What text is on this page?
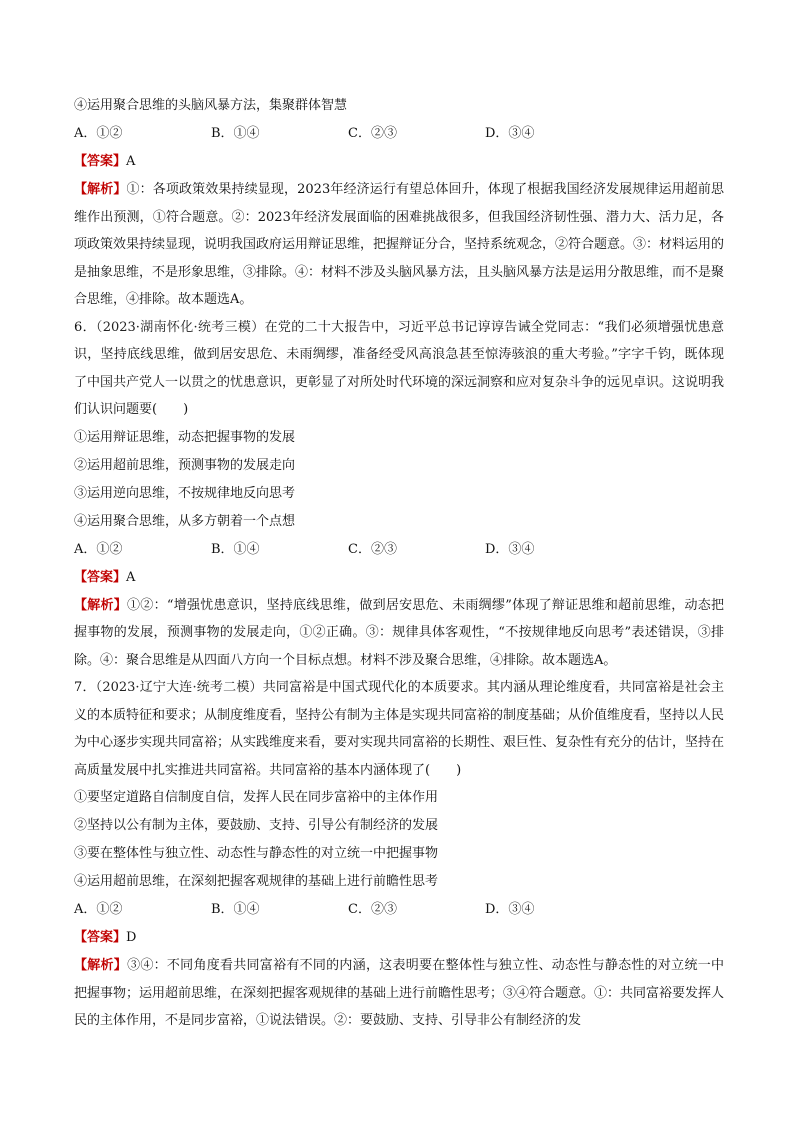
④运用聚合思维的头脑风暴方法，集聚群体智慧
A．①②	B．①④	C．②③	D．③④
【答案】A
【解析】①：各项政策效果持续显现，2023年经济运行有望总体回升，体现了根据我国经济发展规律运用超前思维作出预测，①符合题意。②：2023年经济发展面临的困难挑战很多，但我国经济韧性强、潜力大、活力足，各项政策效果持续显现，说明我国政府运用辩证思维，把握辩证分合，坚持系统观念，②符合题意。③：材料运用的是抽象思维，不是形象思维，③排除。④：材料不涉及头脑风暴方法，且头脑风暴方法是运用分散思维，而不是聚合思维，④排除。故本题选A。
6．（2023·湖南怀化·统考三模）在党的二十大报告中，习近平总书记谆谆告诫全党同志：“我们必须增强忧患意识，坚持底线思维，做到居安思危、未雨绸缪，准备经受风高浪急甚至惊涛骇浪的重大考验。”字字千钧，既体现了中国共产党人一以贯之的忧患意识，更彰显了对所处时代环境的深远洞察和应对复杂斗争的远见卓识。这说明我们认识问题要(　　)
①运用辩证思维，动态把握事物的发展
②运用超前思维，预测事物的发展走向
③运用逆向思维，不按规律地反向思考
④运用聚合思维，从多方朝着一个点想
A．①②	B．①④	C．②③	D．③④
【答案】A
【解析】①②：“增强忧患意识，坚持底线思维，做到居安思危、未雨绸缪”体现了辩证思维和超前思维，动态把握事物的发展，预测事物的发展走向，①②正确。③：规律具体客观性，“不按规律地反向思考”表述错误，③排除。④：聚合思维是从四面八方向一个目标点想。材料不涉及聚合思维，④排除。故本题选A。
7．（2023·辽宁大连·统考二模）共同富裕是中国式现代化的本质要求。其内涵从理论维度看，共同富裕是社会主义的本质特征和要求；从制度维度看，坚持公有制为主体是实现共同富裕的制度基础；从价值维度看，坚持以人民为中心逐步实现共同富裕；从实践维度来看，要对实现共同富裕的长期性、艰巨性、复杂性有充分的估计，坚持在高质量发展中扎实推进共同富裕。共同富裕的基本内涵体现了(　　)
①要坚定道路自信制度自信，发挥人民在同步富裕中的主体作用
②坚持以公有制为主体，要鼓励、支持、引导公有制经济的发展
③要在整体性与独立性、动态性与静态性的对立统一中把握事物
④运用超前思维，在深刻把握客观规律的基础上进行前瞻性思考
A．①②	B．①④	C．②③	D．③④
【答案】D
【解析】③④：不同角度看共同富裕有不同的内涵，这表明要在整体性与独立性、动态性与静态性的对立统一中把握事物；运用超前思维，在深刻把握客观规律的基础上进行前瞻性思考；③④符合题意。①：共同富裕要发挥人民的主体作用，不是同步富裕，①说法错误。②：要鼓励、支持、引导非公有制经济的发
